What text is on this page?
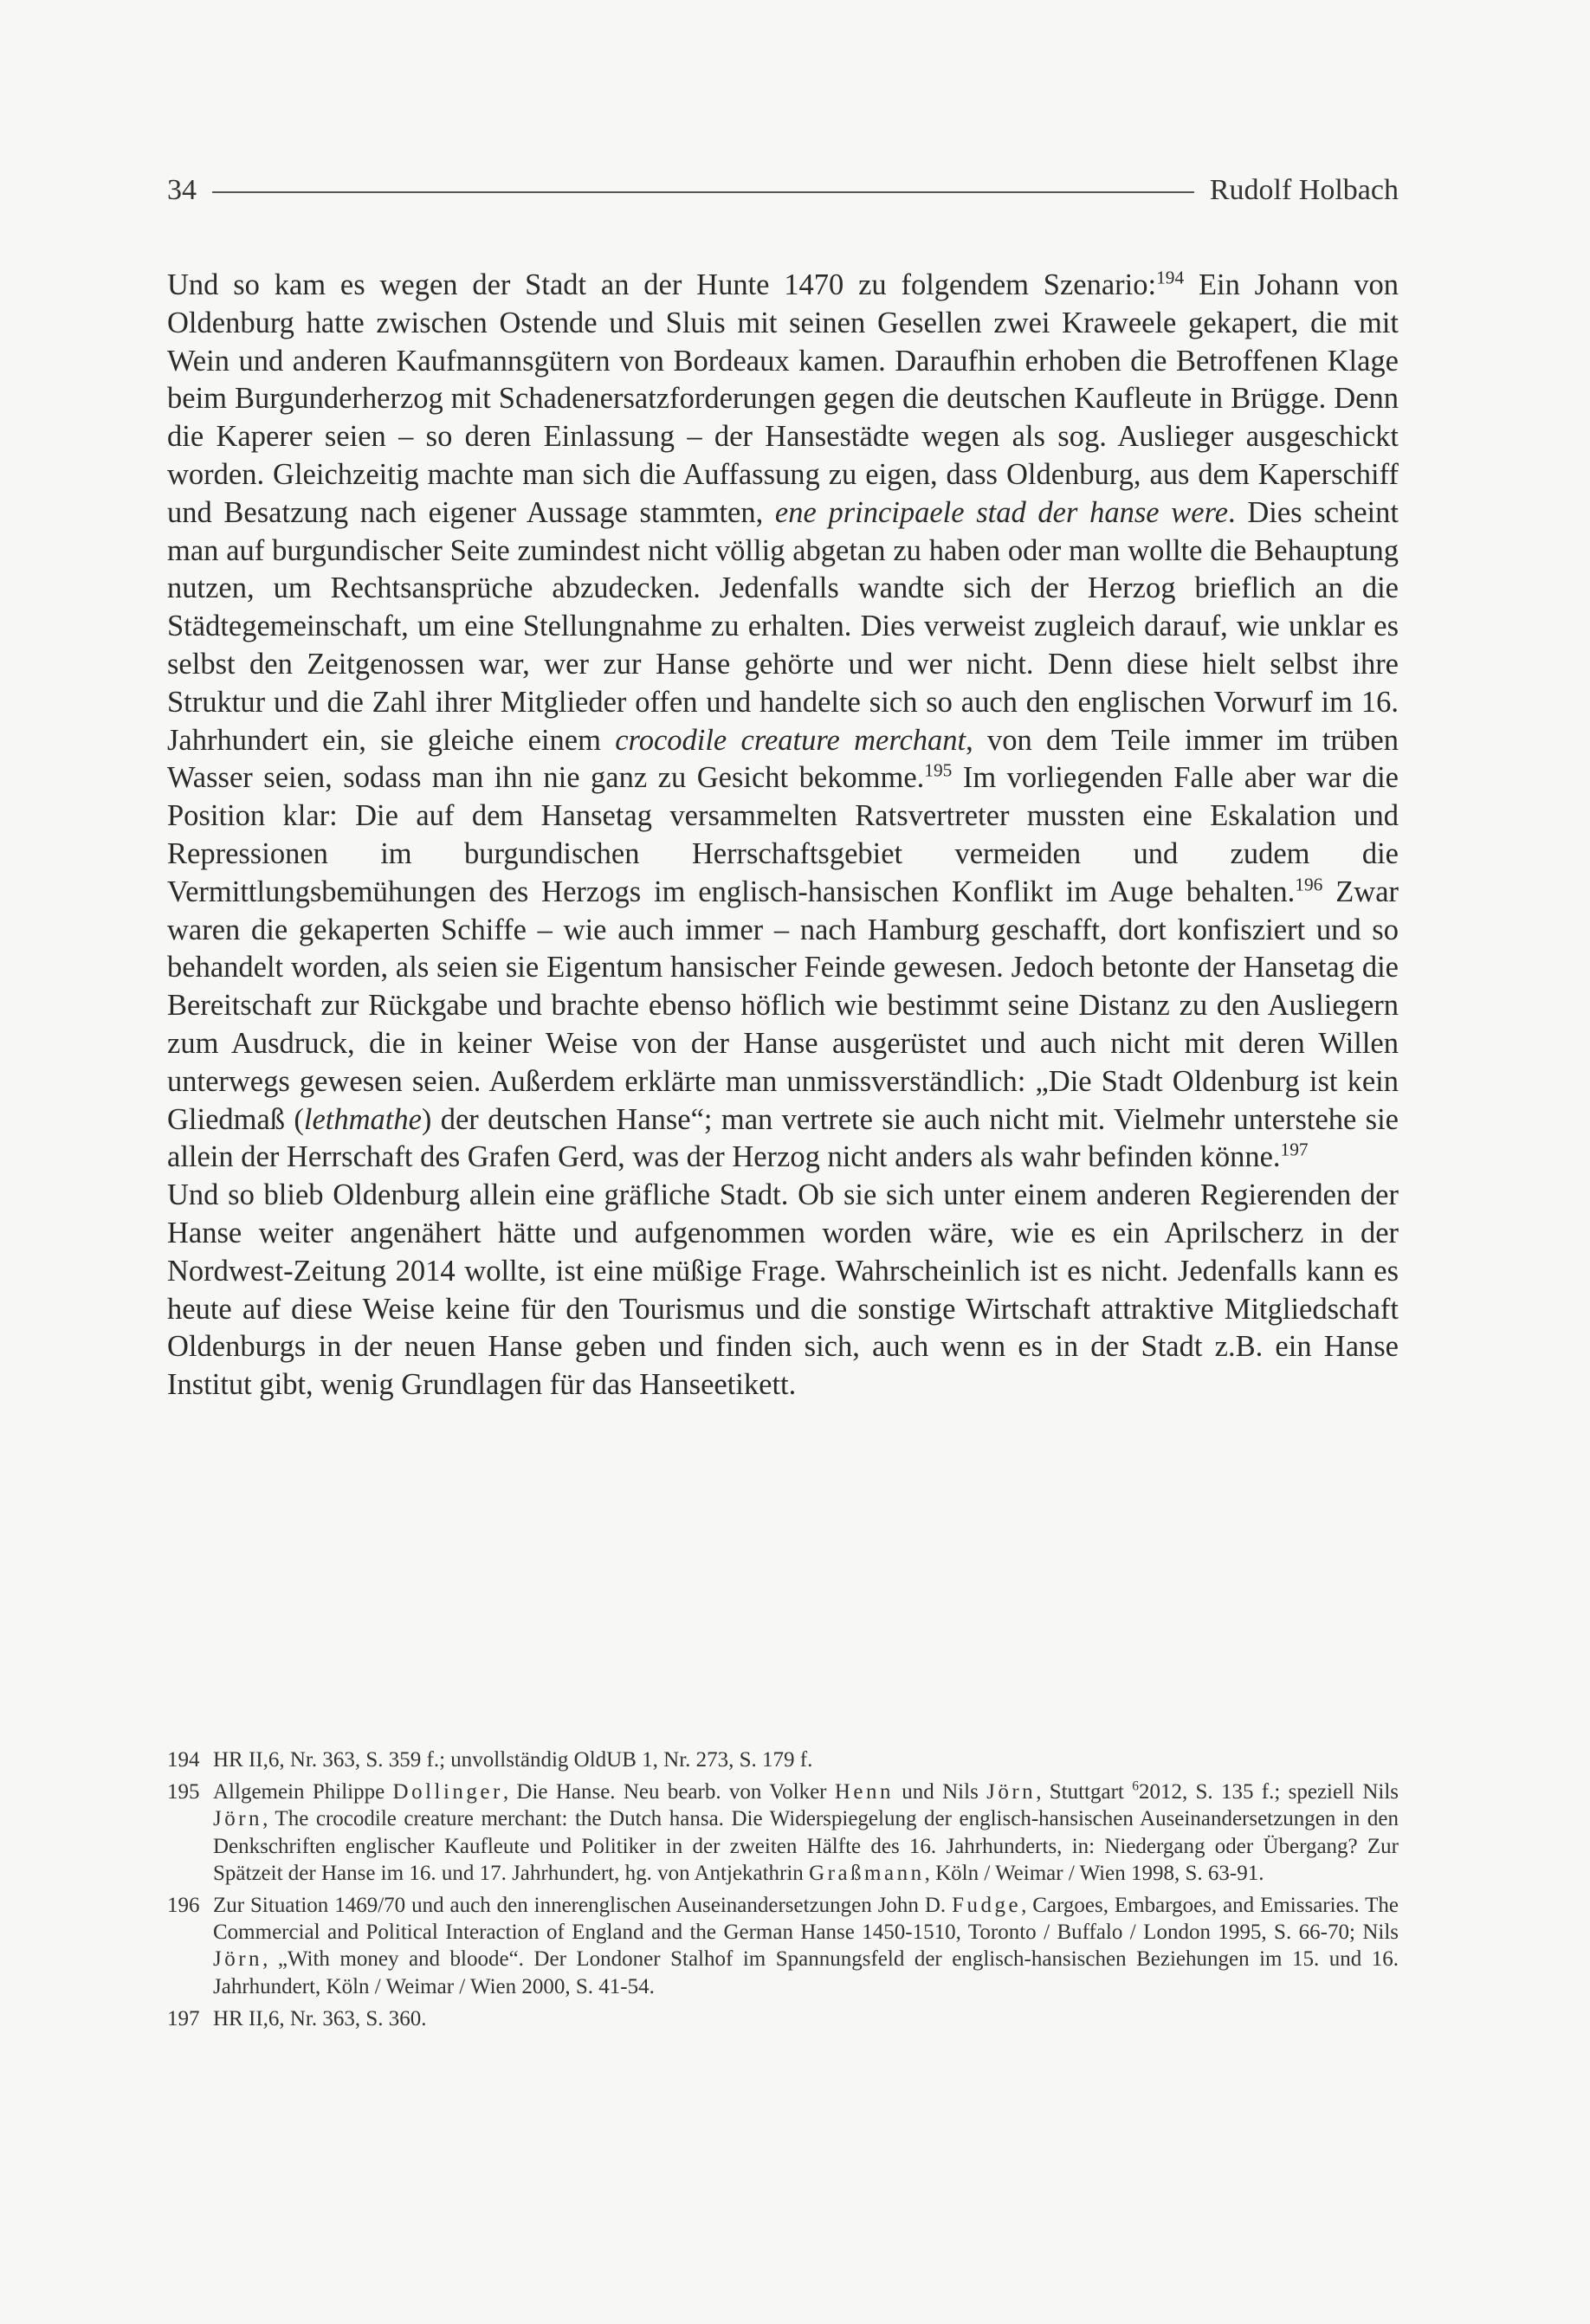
34	Rudolf Holbach

Und so kam es wegen der Stadt an der Hunte 1470 zu folgendem Szenario:$^{194}$ Ein Johann von Oldenburg hatte zwischen Ostende und Sluis mit seinen Gesellen zwei Kraweele gekapert, die mit Wein und anderen Kaufmannsgütern von Bordeaux kamen. Daraufhin erhoben die Betroffenen Klage beim Burgunderherzog mit Schadenersatzforderungen gegen die deutschen Kaufleute in Brügge. Denn die Kaperer seien – so deren Einlassung – der Hansestädte wegen als sog. Auslieger ausgeschickt worden. Gleichzeitig machte man sich die Auffassung zu eigen, dass Oldenburg, aus dem Kaperschiff und Besatzung nach eigener Aussage stammten, ene principaele stad der hanse were. Dies scheint man auf burgundischer Seite zumindest nicht völlig abgetan zu haben oder man wollte die Behauptung nutzen, um Rechtsansprüche abzudecken. Jedenfalls wandte sich der Herzog brieflich an die Städtegemeinschaft, um eine Stellungnahme zu erhalten. Dies verweist zugleich darauf, wie unklar es selbst den Zeitgenossen war, wer zur Hanse gehörte und wer nicht. Denn diese hielt selbst ihre Struktur und die Zahl ihrer Mitglieder offen und handelte sich so auch den englischen Vorwurf im 16. Jahrhundert ein, sie gleiche einem crocodile creature merchant, von dem Teile immer im trüben Wasser seien, sodass man ihn nie ganz zu Gesicht bekomme.$^{195}$ Im vorliegenden Falle aber war die Position klar: Die auf dem Hansetag versammelten Ratsvertreter mussten eine Eskalation und Repressionen im burgundischen Herrschaftsgebiet vermeiden und zudem die Vermittlungsbemühungen des Herzogs im englisch-hansischen Konflikt im Auge behalten.$^{196}$ Zwar waren die gekaperten Schiffe – wie auch immer – nach Hamburg geschafft, dort konfisziert und so behandelt worden, als seien sie Eigentum hansischer Feinde gewesen. Jedoch betonte der Hansetag die Bereitschaft zur Rückgabe und brachte ebenso höflich wie bestimmt seine Distanz zu den Ausliegern zum Ausdruck, die in keiner Weise von der Hanse ausgerüstet und auch nicht mit deren Willen unterwegs gewesen seien. Außerdem erklärte man unmissverständlich: „Die Stadt Oldenburg ist kein Gliedmaß (lethmathe) der deutschen Hanse“; man vertrete sie auch nicht mit. Vielmehr unterstehe sie allein der Herrschaft des Grafen Gerd, was der Herzog nicht anders als wahr befinden könne.$^{197}$

Und so blieb Oldenburg allein eine gräfliche Stadt. Ob sie sich unter einem anderen Regierenden der Hanse weiter angenähert hätte und aufgenommen worden wäre, wie es ein Aprilscherz in der Nordwest-Zeitung 2014 wollte, ist eine müßige Frage. Wahrscheinlich ist es nicht. Jedenfalls kann es heute auf diese Weise keine für den Tourismus und die sonstige Wirtschaft attraktive Mitgliedschaft Oldenburgs in der neuen Hanse geben und finden sich, auch wenn es in der Stadt z.B. ein Hanse Institut gibt, wenig Grundlagen für das Hanseetikett.

194 HR II,6, Nr. 363, S. 359 f.; unvollständig OldUB 1, Nr. 273, S. 179 f.
195 Allgemein Philippe Dollinger, Die Hanse. Neu bearb. von Volker Henn und Nils Jörn, Stuttgart $^6$2012, S. 135 f.; speziell Nils Jörn, The crocodile creature merchant: the Dutch hansa. Die Widerspiegelung der englisch-hansischen Auseinandersetzungen in den Denkschriften englischer Kaufleute und Politiker in der zweiten Hälfte des 16. Jahrhunderts, in: Niedergang oder Übergang? Zur Spätzeit der Hanse im 16. und 17. Jahrhundert, hg. von Antjekathrin Graßmann, Köln / Weimar / Wien 1998, S. 63-91.
196 Zur Situation 1469/70 und auch den innerenglischen Auseinandersetzungen John D. Fudge, Cargoes, Embargoes, and Emissaries. The Commercial and Political Interaction of England and the German Hanse 1450-1510, Toronto / Buffalo / London 1995, S. 66-70; Nils Jörn, „With money and bloode“. Der Londoner Stalhof im Spannungsfeld der englisch-hansischen Beziehungen im 15. und 16. Jahrhundert, Köln / Weimar / Wien 2000, S. 41-54.
197 HR II,6, Nr. 363, S. 360.
